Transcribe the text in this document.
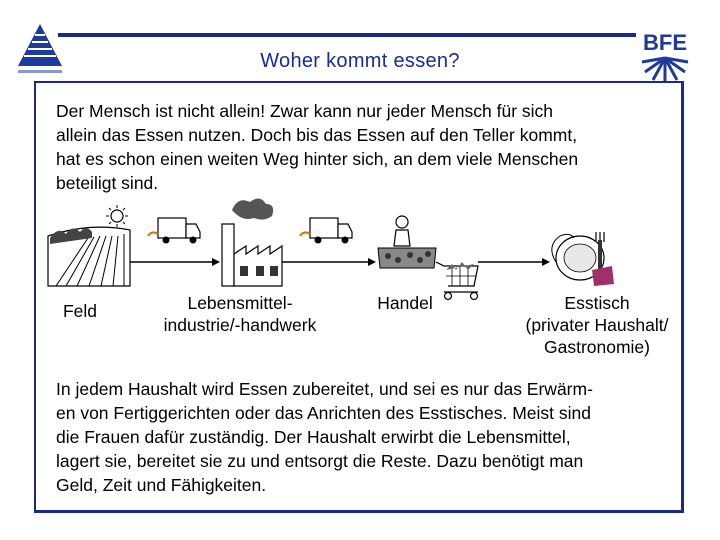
BFE
Woher kommt essen?
Der Mensch ist nicht allein! Zwar kann nur jeder Mensch für sich
allein das Essen nutzen. Doch bis das Essen auf den Teller kommt,
hat es schon einen weiten Weg hinter sich, an dem viele Menschen
beteiligt sind.
Feld	Lebensmittel-
industrie/-handwerk
Handel	Esstisch
(privater Haushalt/
Gastronomie)
In jedem Haushalt wird Essen zubereitet, und sei es nur das Erwärm-
en von Fertiggerichten oder das Anrichten des Esstisches. Meist sind
die Frauen dafür zuständig. Der Haushalt erwirbt die Lebensmittel,
lagert sie, bereitet sie zu und entsorgt die Reste. Dazu benötigt man
Geld, Zeit und Fähigkeiten.
